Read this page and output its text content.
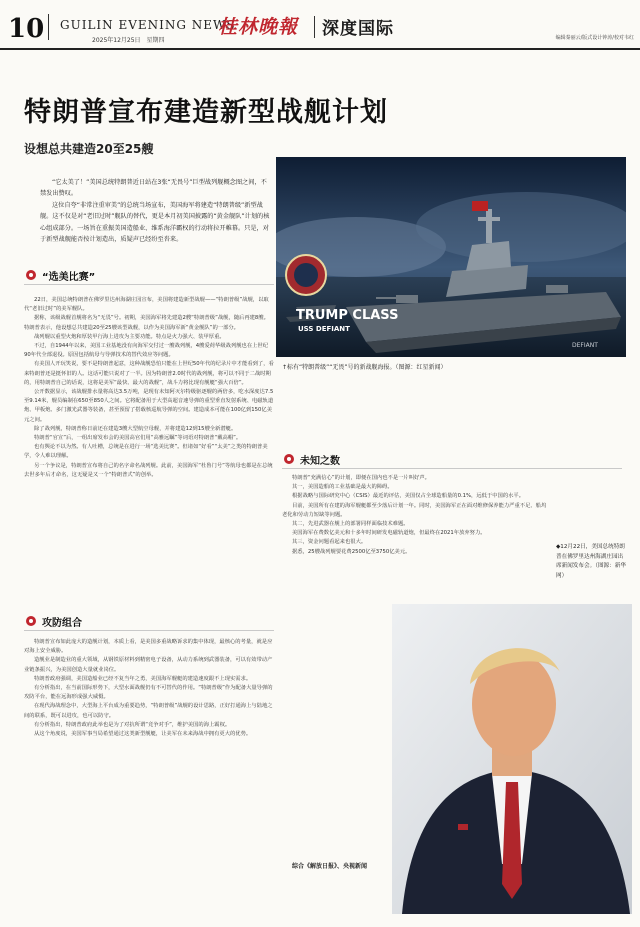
10 GUILIN EVENING NEWS
2025年12月25日　星期四
桂林晚報 深度国际	编辑秦丽云/版式设计钟涛/校对韦红
特朗普宣布建造新型战舰计划
设想总共建造20至25艘

“它太美了！”美国总统特朗普近日站在3张“无畏号”巨型战列舰概念图之间，不禁发出赞叹。

这位自夸“非常注重审美”的总统当场宣布，美国海军将建造“特朗普级”新型战舰。这不仅是对“老旧过时”舰队的替代，更是本月初美国披露的“黄金舰队”计划的核心组成部分。一场旨在重振美国造船业、维系海洋霸权的行动将拉开帷幕。只是，对于新型战舰能否按计划造出，质疑声已经纷至沓来。

DEFIANT
TRUMP CLASS
USS DEFIANT
↑标有“特朗普级”“无畏”号的新战舰海报。（图源：红星新闻）
“选美比赛”

22日，美国总统特朗普在佛罗里达州海湖庄园宣布，美国将建造新型战舰——“特朗普级”战舰，以取代“老旧过时”的美军舰队。

据称，该级战舰首舰将名为“无畏”号。初期，美国海军将先建造2艘“特朗普级”战舰，随后再建8艘。特朗普表示，他设想总共建造20至25艘该型战舰，以作为美国海军新“黄金舰队”的一部分。

战列舰以重型火炮和厚装甲行海上进攻为主要功能。特点是火力强大、装甲厚重。

不过，自1944年以来，美国工业基地没有向海军交付过一艘战列舰，4艘爱荷华级战列舰也在上世纪90年代全部退役。原因包括航母与导弹技术的替代效应等问题。

有美国人开玩笑说，要不是特朗普起意，这种战舰恐怕只能在上世纪50年代的纪录片中才能看到了，看来特朗普还是挺怀旧的人。这话可能只说对了一半。因为特朗普2.0时代的战列舰，将可以不同于二战时期的，用特朗普自己的话说，这将是美军“最快、最大的战舰”，战斗力将比现有舰艇“强大百倍”。

公开数据显示，该战舰排水量将高达3.5万吨，是现有未知阿灭尔特级驱逐舰的两倍多，吃水深度达7.5至9.14米，舰员编制在650至850人之间。它将配备用于大型高超音速导弹的重型垂直发射系统、电磁轨道炮、甲板炮、多门激光武器等装备，甚至预留了搭载核巡航导弹的空间。建造成本可能在100亿到150亿美元之间。

除了战列舰，特朗普称日前还在建造3艘大型航空母舰，并将建造12到15艘全新潜艇。

特朗普“官宣”后，一组出席发布会的美国高官们用“高雅远瞩”等词语对特朗普“戴高帽”。

也有舆论不以为然。有人吐槽，总统是在进行一场“选美比赛”。但诸如“好看”“太美”之类的特朗普美学，令人难以理解。

另一个争议是，特朗普宣布将自己的名字命名战列舰。此前，美国海军“杜鲁门号”等航母也都是在总统去世多年后才命名，这无疑是又一个“特朗普式”的创举。

攻防组合

特朗普宣布如此庞大的造舰计划，本质上看，是美国多重战略诉求的集中体现，最核心的考量，就是应对海上安全威胁。

造舰业是制造业的重大领域，从钢铁原材料到精密电子设备，从动力系统到武器装备，可以有效带动产业链条振兴，为美国创造大量就业岗位。

特朗普政府强调，美国造船业已经不复当年之勇，美国海军舰艇的建造速度跟不上现实需求。

有分析指出，在当前国际形势下，大型水面战舰仍有不可替代的作用。“特朗普级”作为配备大量导弹的攻防平台，能在远海形成强大威慑。

在现代海战理念中，大型海上平台成为重要趋势，“特朗普级”战舰的设计思路，正好打通海上与陆地之间的联系，既可以进攻，也可以防守。

有分析指出，特朗普政府此举也是为了对抗所谓“竞争对手”，维护美国的海上霸权。

从这个角度说，美国军事当局希望通过这类新型舰艇，让美军在未来海战中拥有更大的优势。

未知之数

特朗普“充满信心”的计划，即便在国内也不是一片叫好声。

其一，美国造船的工业基础是最大的障碍。

根据战略与国际研究中心（CSIS）最近的评估，美国仅占全球造船量的0.1%，远低于中国的水平。

目前，美国所有在建的海军舰艇都至少落后计划一年。同时，美国海军正在面对维修保养能力严重不足、船坞老化和劳动力短缺等问题。

其二，先进武器在舰上的部署同样面临技术难题。

美国海军在费数亿美元和十多年时间研发电磁轨道炮，但最终在2021年放弃努力。

其三，资金问题看起来也很大。

据悉，25艘战列舰要花费2500亿至3750亿美元。

◆12月22日，美国总统特朗普在佛罗里达州海湖庄园出席新闻发布会。（图源：新华网）
综合《解放日报》、央视新闻
